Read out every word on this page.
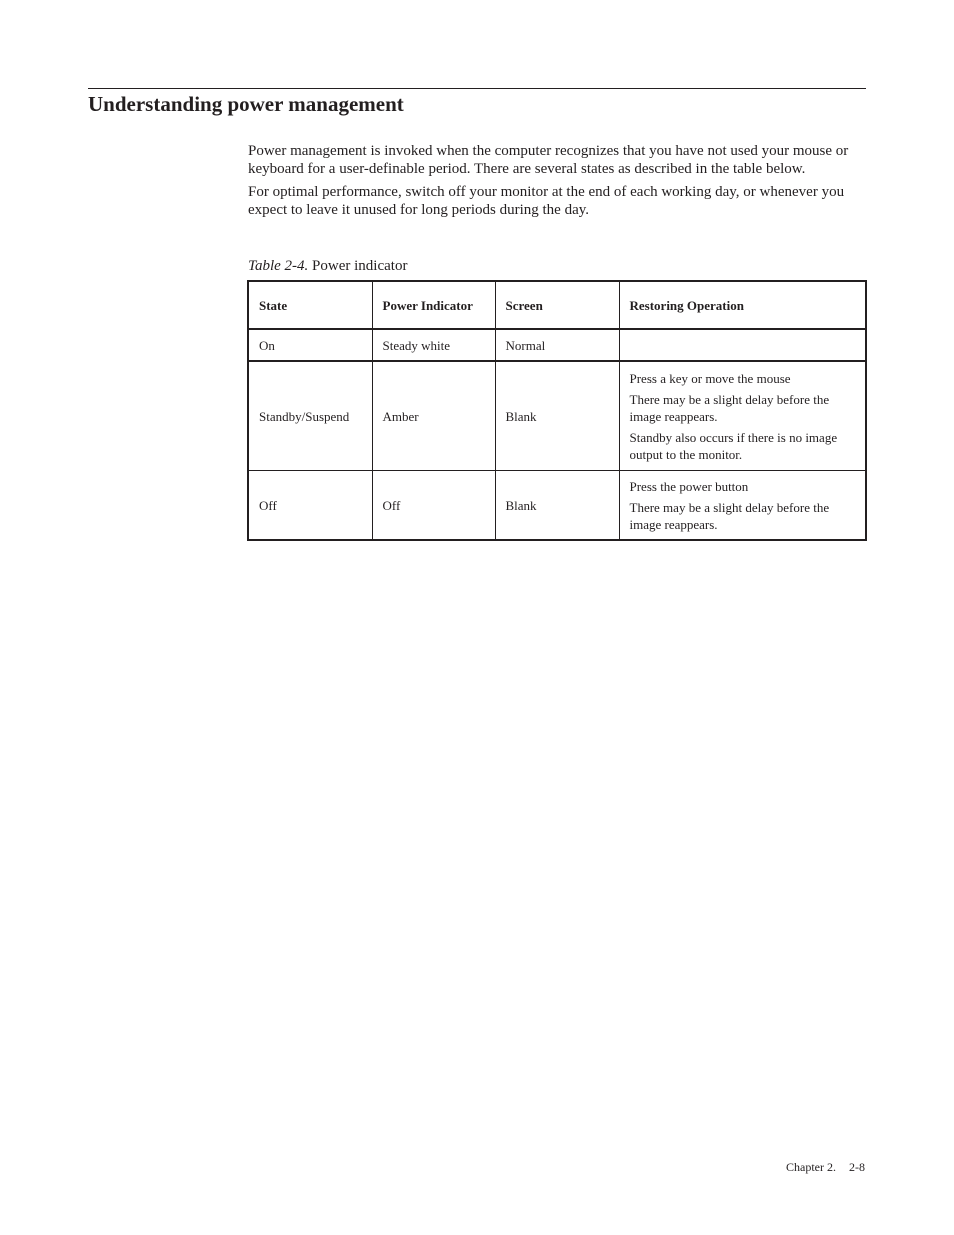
Understanding power management

Power management is invoked when the computer recognizes that you have not used your mouse or keyboard for a user-definable period. There are several states as described in the table below.

For optimal performance, switch off your monitor at the end of each working day, or whenever you expect to leave it unused for long periods during the day.

Table 2-4. Power indicator
State	Power Indicator	Screen	Restoring Operation
On	Steady white	Normal	
Standby/Suspend	Amber	Blank	Press a key or move the mouse

There may be a slight delay before the image reappears.

Standby also occurs if there is no image output to the monitor.

Off	Off	Blank	Press the power button

There may be a slight delay before the image reappears.

Chapter 2. 2-8
